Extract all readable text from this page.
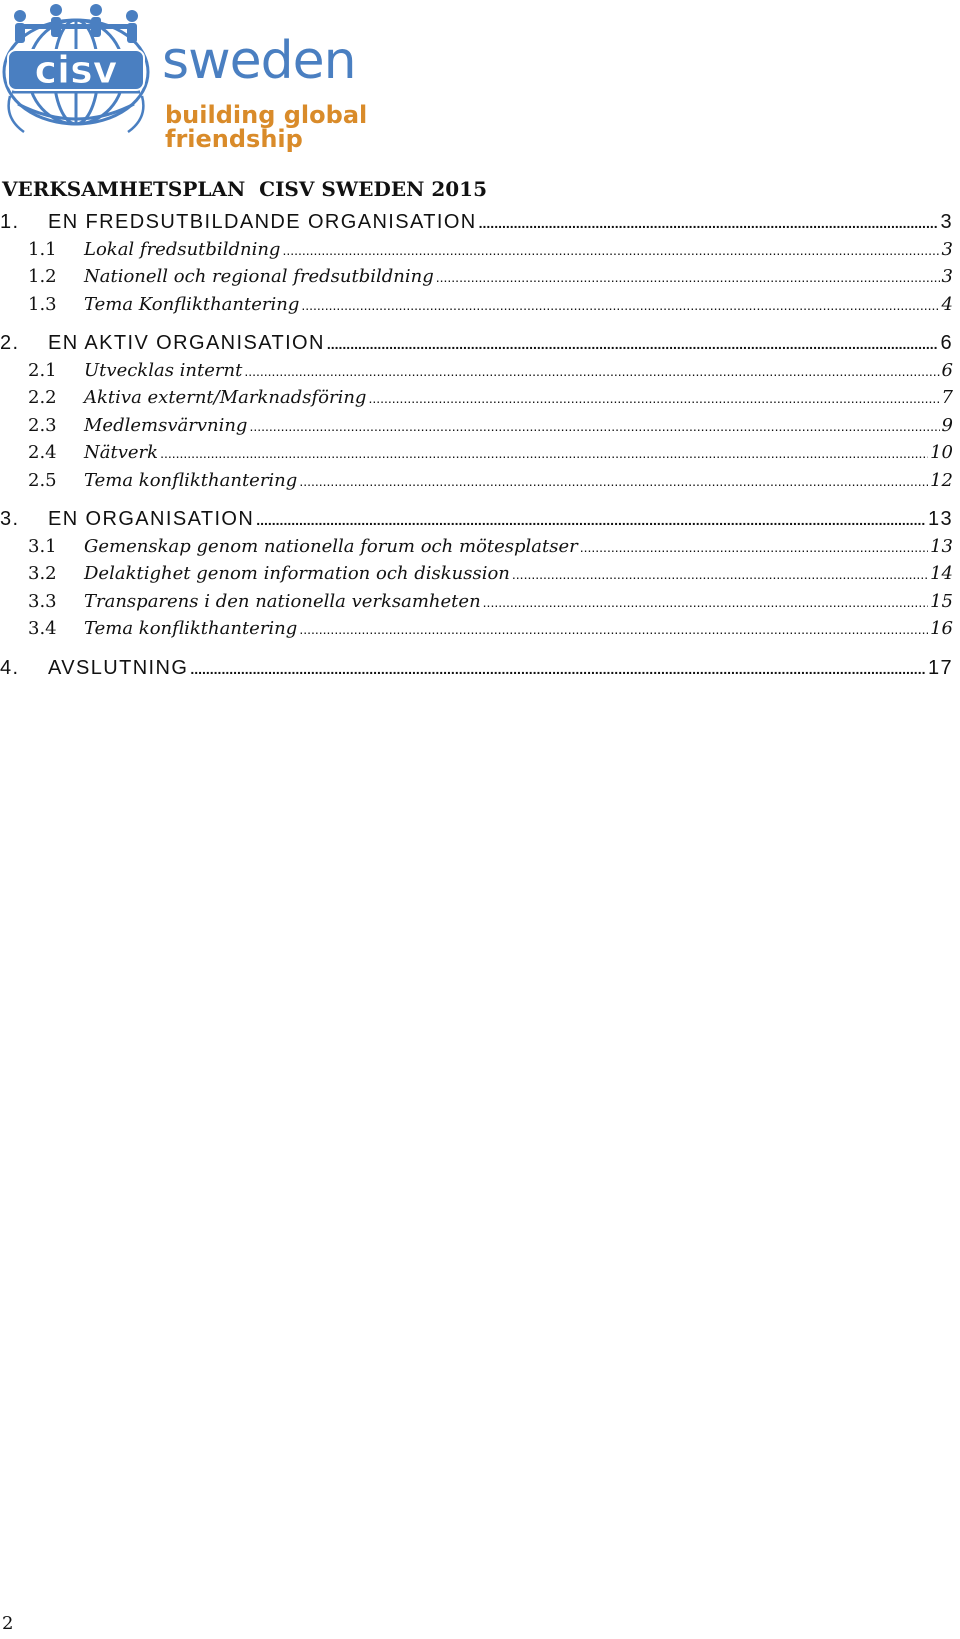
cisv sweden
building global friendship
VERKSAMHETSPLAN  CISV SWEDEN 2015
1.	EN FREDSUTBILDANDE ORGANISATION .....	3
1.1	Lokal fredsutbildning .....	3
1.2	Nationell och regional fredsutbildning .....	3
1.3	Tema Konflikthantering .....	4
2.	EN AKTIV ORGANISATION .....	6
2.1	Utvecklas internt .....	6
2.2	Aktiva externt/Marknadsföring .....	7
2.3	Medlemsvärvning .....	9
2.4	Nätverk .....	10
2.5	Tema konflikthantering .....	12
3.	EN ORGANISATION .....	13
3.1	Gemenskap genom nationella forum och mötesplatser .....	13
3.2	Delaktighet genom information och diskussion .....	14
3.3	Transparens i den nationella verksamheten .....	15
3.4	Tema konflikthantering .....	16
4.	AVSLUTNING .....	17
2
